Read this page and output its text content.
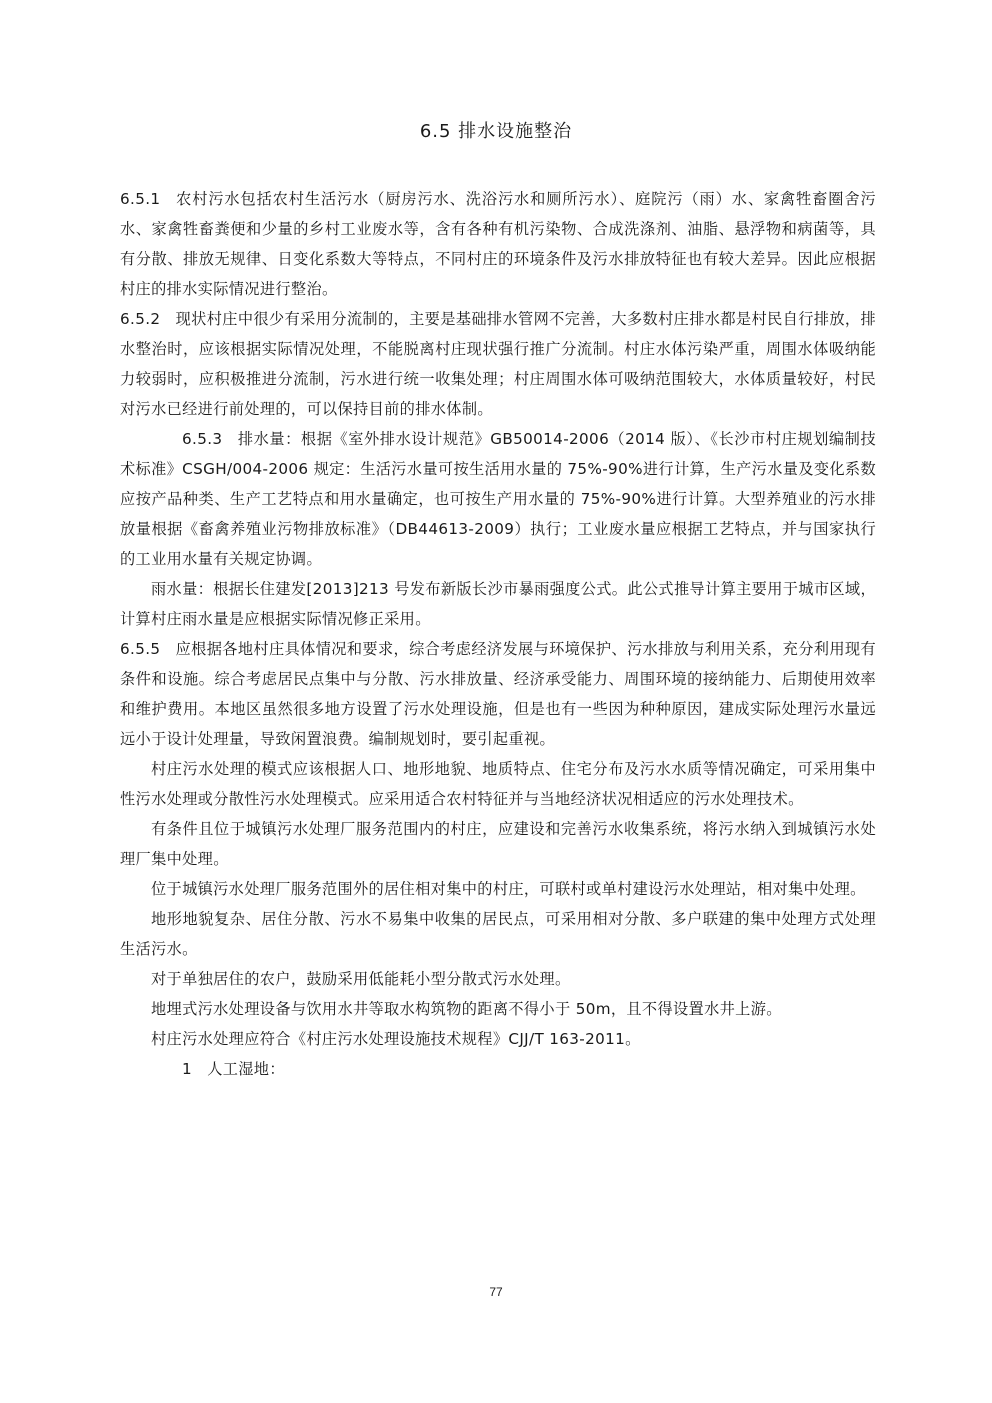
6.5 排水设施整治

6.5.1 农村污水包括农村生活污水（厨房污水、洗浴污水和厕所污水）、庭院污（雨）水、家禽牲畜圈舍污水、家禽牲畜粪便和少量的乡村工业废水等，含有各种有机污染物、合成洗涤剂、油脂、悬浮物和病菌等，具有分散、排放无规律、日变化系数大等特点，不同村庄的环境条件及污水排放特征也有较大差异。因此应根据村庄的排水实际情况进行整治。

6.5.2 现状村庄中很少有采用分流制的，主要是基础排水管网不完善，大多数村庄排水都是村民自行排放，排水整治时，应该根据实际情况处理，不能脱离村庄现状强行推广分流制。村庄水体污染严重，周围水体吸纳能力较弱时，应积极推进分流制，污水进行统一收集处理；村庄周围水体可吸纳范围较大，水体质量较好，村民对污水已经进行前处理的，可以保持目前的排水体制。

6.5.3 排水量：根据《室外排水设计规范》GB50014-2006（2014 版）、《长沙市村庄规划编制技术标准》CSGH/004-2006 规定：生活污水量可按生活用水量的 75%-90%进行计算，生产污水量及变化系数应按产品种类、生产工艺特点和用水量确定，也可按生产用水量的 75%-90%进行计算。大型养殖业的污水排放量根据《畜禽养殖业污物排放标准》（DB44613-2009）执行；工业废水量应根据工艺特点，并与国家执行的工业用水量有关规定协调。

雨水量：根据长住建发[2013]213 号发布新版长沙市暴雨强度公式。此公式推导计算主要用于城市区域，计算村庄雨水量是应根据实际情况修正采用。

6.5.5 应根据各地村庄具体情况和要求，综合考虑经济发展与环境保护、污水排放与利用关系，充分利用现有条件和设施。综合考虑居民点集中与分散、污水排放量、经济承受能力、周围环境的接纳能力、后期使用效率和维护费用。本地区虽然很多地方设置了污水处理设施，但是也有一些因为种种原因，建成实际处理污水量远远小于设计处理量，导致闲置浪费。编制规划时，要引起重视。

村庄污水处理的模式应该根据人口、地形地貌、地质特点、住宅分布及污水水质等情况确定，可采用集中性污水处理或分散性污水处理模式。应采用适合农村特征并与当地经济状况相适应的污水处理技术。

有条件且位于城镇污水处理厂服务范围内的村庄，应建设和完善污水收集系统，将污水纳入到城镇污水处理厂集中处理。

位于城镇污水处理厂服务范围外的居住相对集中的村庄，可联村或单村建设污水处理站，相对集中处理。

地形地貌复杂、居住分散、污水不易集中收集的居民点，可采用相对分散、多户联建的集中处理方式处理生活污水。

对于单独居住的农户，鼓励采用低能耗小型分散式污水处理。

地埋式污水处理设备与饮用水井等取水构筑物的距离不得小于 50m，且不得设置水井上游。

村庄污水处理应符合《村庄污水处理设施技术规程》CJJ/T 163-2011。

1 人工湿地：

77
